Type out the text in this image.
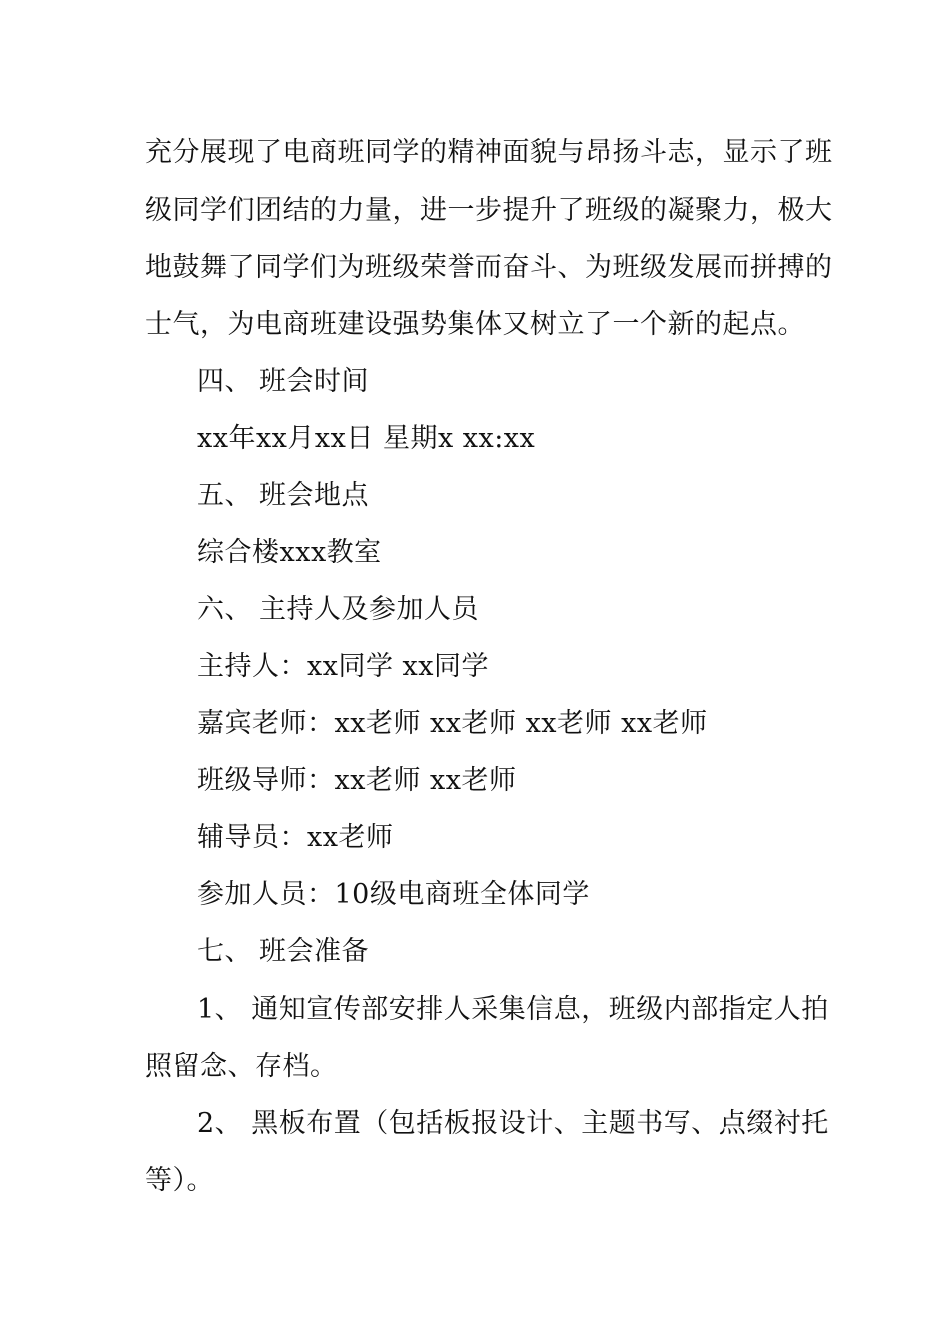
充分展现了电商班同学的精神面貌与昂扬斗志，显示了班
级同学们团结的力量，进一步提升了班级的凝聚力，极大
地鼓舞了同学们为班级荣誉而奋斗、为班级发展而拼搏的
士气，为电商班建设强势集体又树立了一个新的起点。
四、 班会时间
xx年xx月xx日 星期x xx:xx
五、 班会地点
综合楼xxx教室
六、 主持人及参加人员
主持人：xx同学 xx同学
嘉宾老师：xx老师 xx老师 xx老师 xx老师
班级导师：xx老师 xx老师
辅导员：xx老师
参加人员：10级电商班全体同学
七、 班会准备
1、 通知宣传部安排人采集信息，班级内部指定人拍
照留念、存档。
2、 黑板布置（包括板报设计、主题书写、点缀衬托
等）。
